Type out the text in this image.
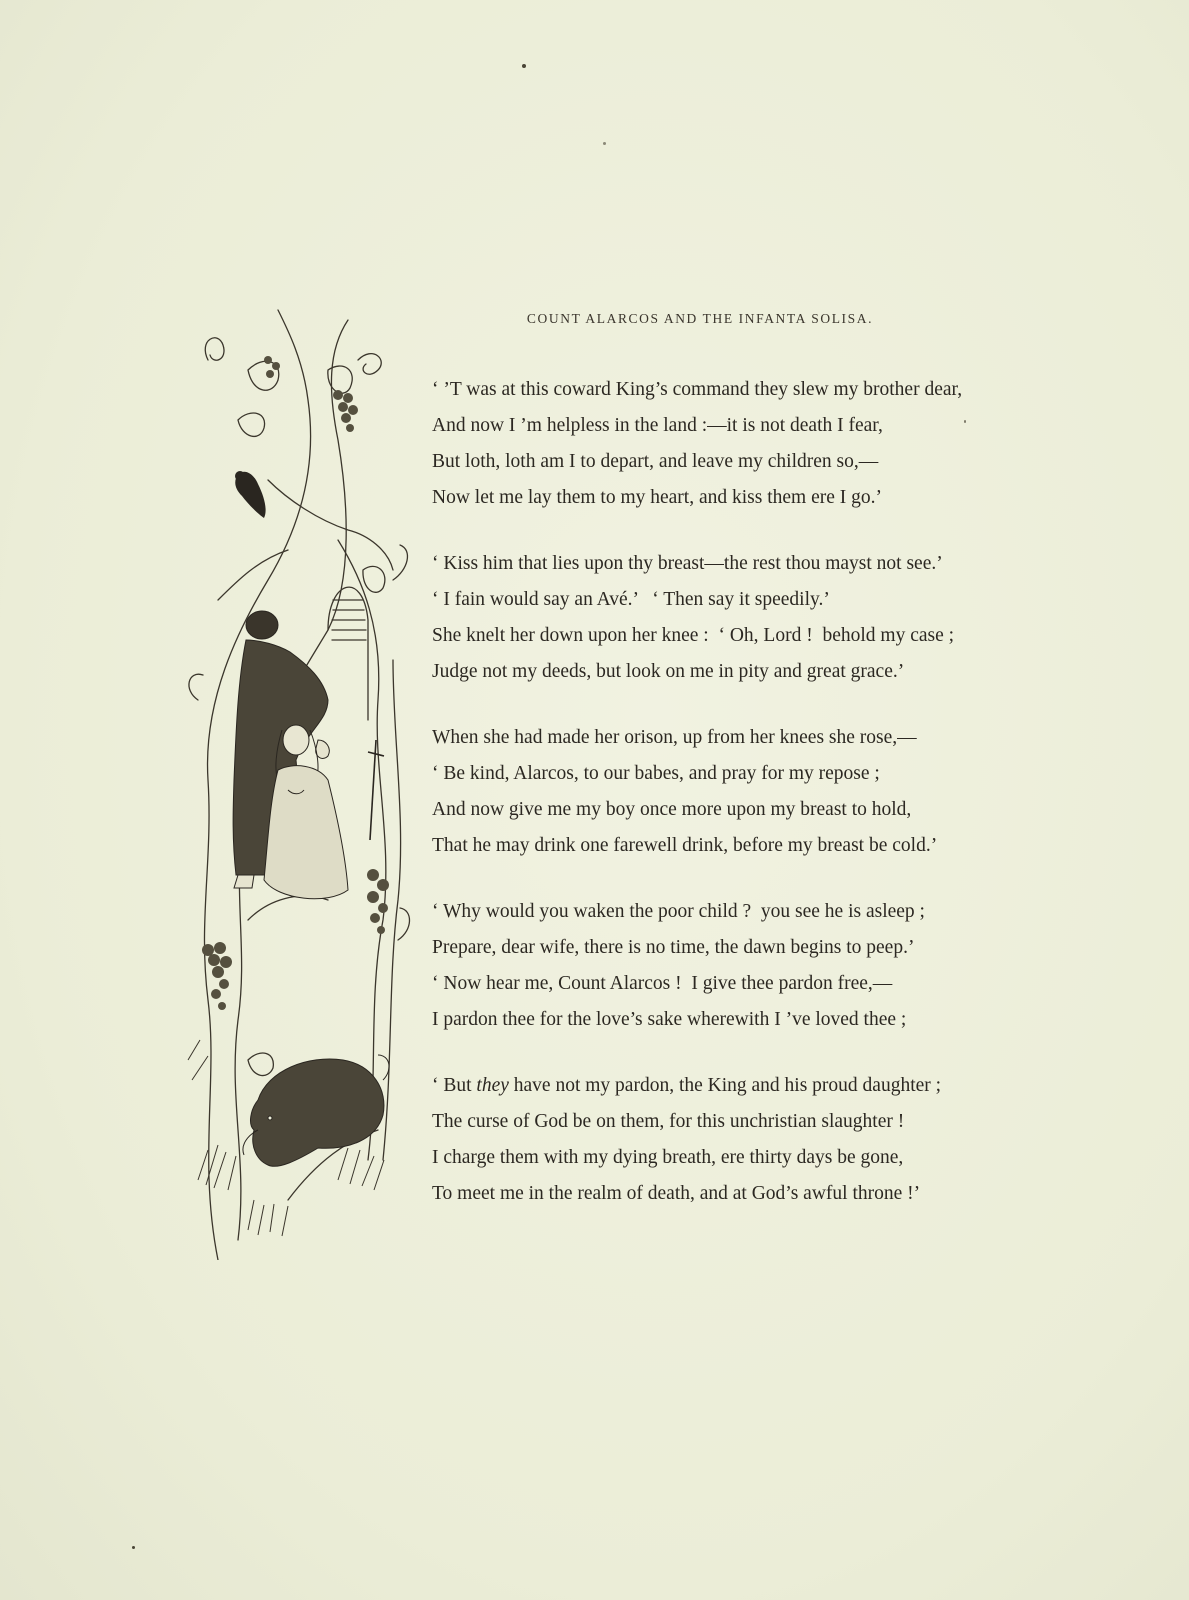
COUNT ALARCOS AND THE INFANTA SOLISA.
‘ ’T was at this coward King’s command they slew my brother dear,
And now I ’m helpless in the land :—it is not death I fear,
But loth, loth am I to depart, and leave my children so,—
Now let me lay them to my heart, and kiss them ere I go.’
‘ Kiss him that lies upon thy breast—the rest thou mayst not see.’
‘ I fain would say an Avé.’   ‘ Then say it speedily.’
She knelt her down upon her knee :  ‘ Oh, Lord !  behold my case ;
Judge not my deeds, but look on me in pity and great grace.’
When she had made her orison, up from her knees she rose,—
‘ Be kind, Alarcos, to our babes, and pray for my repose ;
And now give me my boy once more upon my breast to hold,
That he may drink one farewell drink, before my breast be cold.’
‘ Why would you waken the poor child ?  you see he is asleep ;
Prepare, dear wife, there is no time, the dawn begins to peep.’
‘ Now hear me, Count Alarcos !  I give thee pardon free,—
I pardon thee for the love’s sake wherewith I ’ve loved thee ;
‘ But they have not my pardon, the King and his proud daughter ;
The curse of God be on them, for this unchristian slaughter !
I charge them with my dying breath, ere thirty days be gone,
To meet me in the realm of death, and at God’s awful throne !’
